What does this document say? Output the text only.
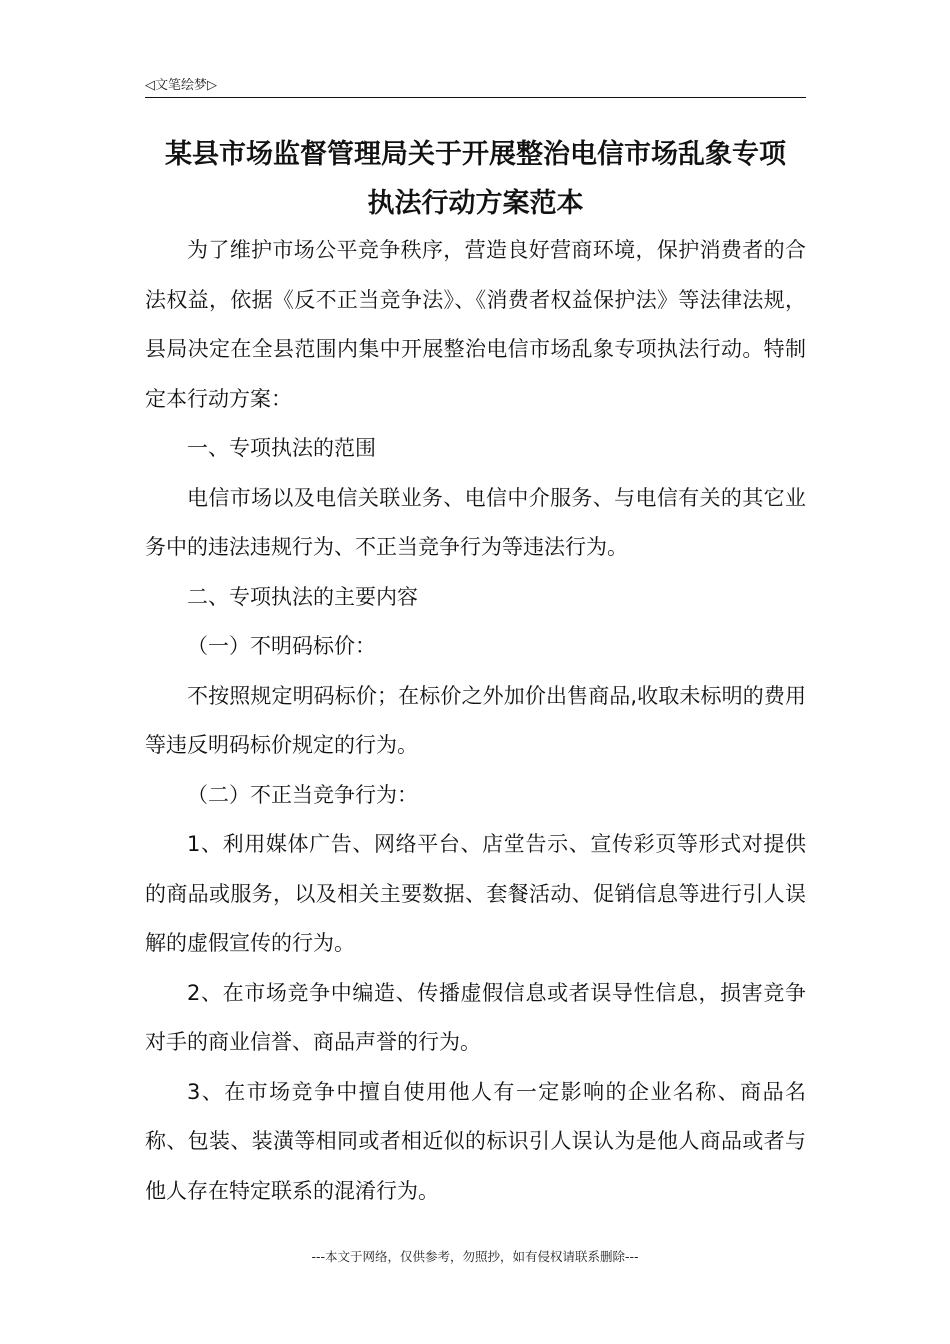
◁文笔绘梦▷
某县市场监督管理局关于开展整治电信市场乱象专项
执法行动方案范本

为了维护市场公平竞争秩序，营造良好营商环境，保护消费者的合法权益，依据《反不正当竞争法》、《消费者权益保护法》等法律法规，县局决定在全县范围内集中开展整治电信市场乱象专项执法行动。特制定本行动方案：

一、专项执法的范围

电信市场以及电信关联业务、电信中介服务、与电信有关的其它业务中的违法违规行为、不正当竞争行为等违法行为。

二、专项执法的主要内容

（一）不明码标价：

不按照规定明码标价；在标价之外加价出售商品,收取未标明的费用等违反明码标价规定的行为。

（二）不正当竞争行为：

1、利用媒体广告、网络平台、店堂告示、宣传彩页等形式对提供的商品或服务，以及相关主要数据、套餐活动、促销信息等进行引人误解的虚假宣传的行为。

2、在市场竞争中编造、传播虚假信息或者误导性信息，损害竞争对手的商业信誉、商品声誉的行为。

3、在市场竞争中擅自使用他人有一定影响的企业名称、商品名称、包装、装潢等相同或者相近似的标识引人误认为是他人商品或者与他人存在特定联系的混淆行为。

---本文于网络，仅供参考，勿照抄，如有侵权请联系删除---
